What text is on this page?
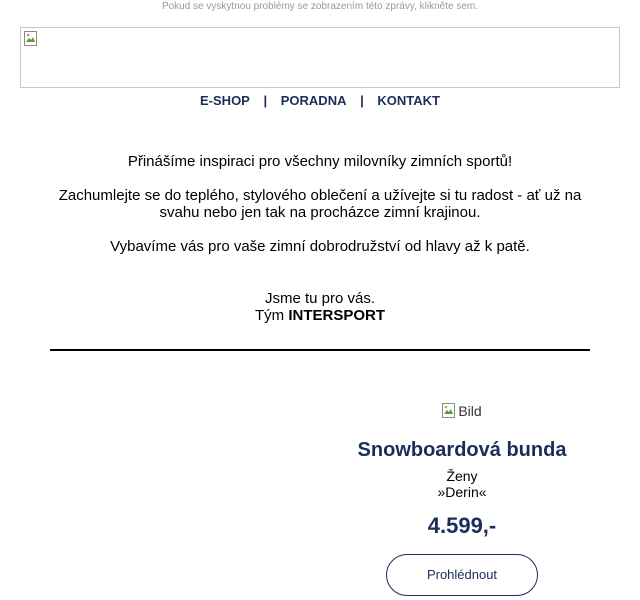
Pokud se vyskytnou problémy se zobrazením této zprávy, klikněte sem.
E-SHOP | PORADNA | KONTAKT

Přinášíme inspiraci pro všechny milovníky zimních sportů!

Zachumlejte se do teplého, stylového oblečení a užívejte si tu radost - ať už na svahu nebo jen tak na procházce zimní krajinou.

Vybavíme vás pro vaše zimní dobrodružství od hlavy až k patě.

Jsme tu pro vás.
Tým INTERSPORT
Bild
Snowboardová bunda
Ženy
»Derin«
4.599,-
Prohlédnout
